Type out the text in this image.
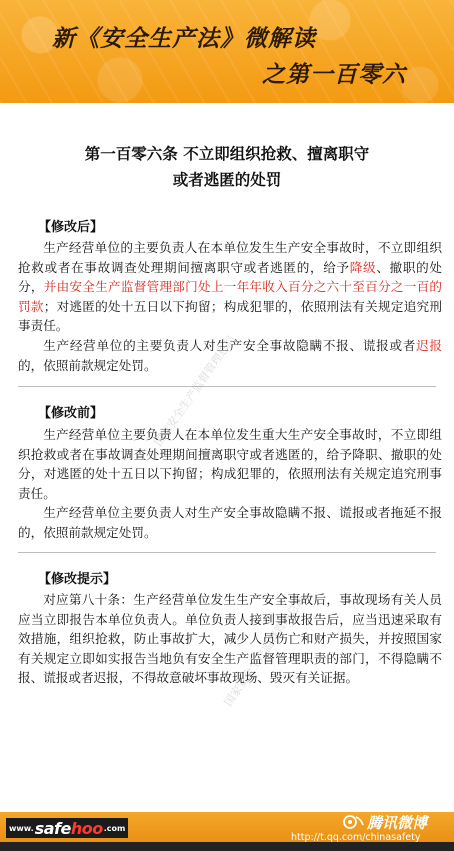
新《安全生产法》微解读
之第一百零六
第一百零六条 不立即组织抢救、擅离职守
或者逃匿的处罚
【修改后】

生产经营单位的主要负责人在本单位发生生产安全事故时，不立即组织抢救或者在事故调查处理期间擅离职守或者逃匿的，给予降级、撤职的处分，并由安全生产监督管理部门处上一年年收入百分之六十至百分之一百的罚款；对逃匿的处十五日以下拘留；构成犯罪的，依照刑法有关规定追究刑事责任。

生产经营单位的主要负责人对生产安全事故隐瞒不报、谎报或者迟报的，依照前款规定处罚。

【修改前】

生产经营单位主要负责人在本单位发生重大生产安全事故时，不立即组织抢救或者在事故调查处理期间擅离职守或者逃匿的，给予降职、撤职的处分，对逃匿的处十五日以下拘留；构成犯罪的，依照刑法有关规定追究刑事责任。

生产经营单位主要负责人对生产安全事故隐瞒不报、谎报或者拖延不报的，依照前款规定处罚。

【修改提示】

对应第八十条：生产经营单位发生生产安全事故后，事故现场有关人员应当立即报告本单位负责人。单位负责人接到事故报告后，应当迅速采取有效措施，组织抢救，防止事故扩大，减少人员伤亡和财产损失，并按照国家有关规定立即如实报告当地负有安全生产监督管理职责的部门，不得隐瞒不报、谎报或者迟报，不得故意破坏事故现场、毁灭有关证据。

国家安全生产监督管理总局
国家安全生产监督管理总局
www. safehoo .com	腾讯微博
http://t.qq.com/chinasafety
